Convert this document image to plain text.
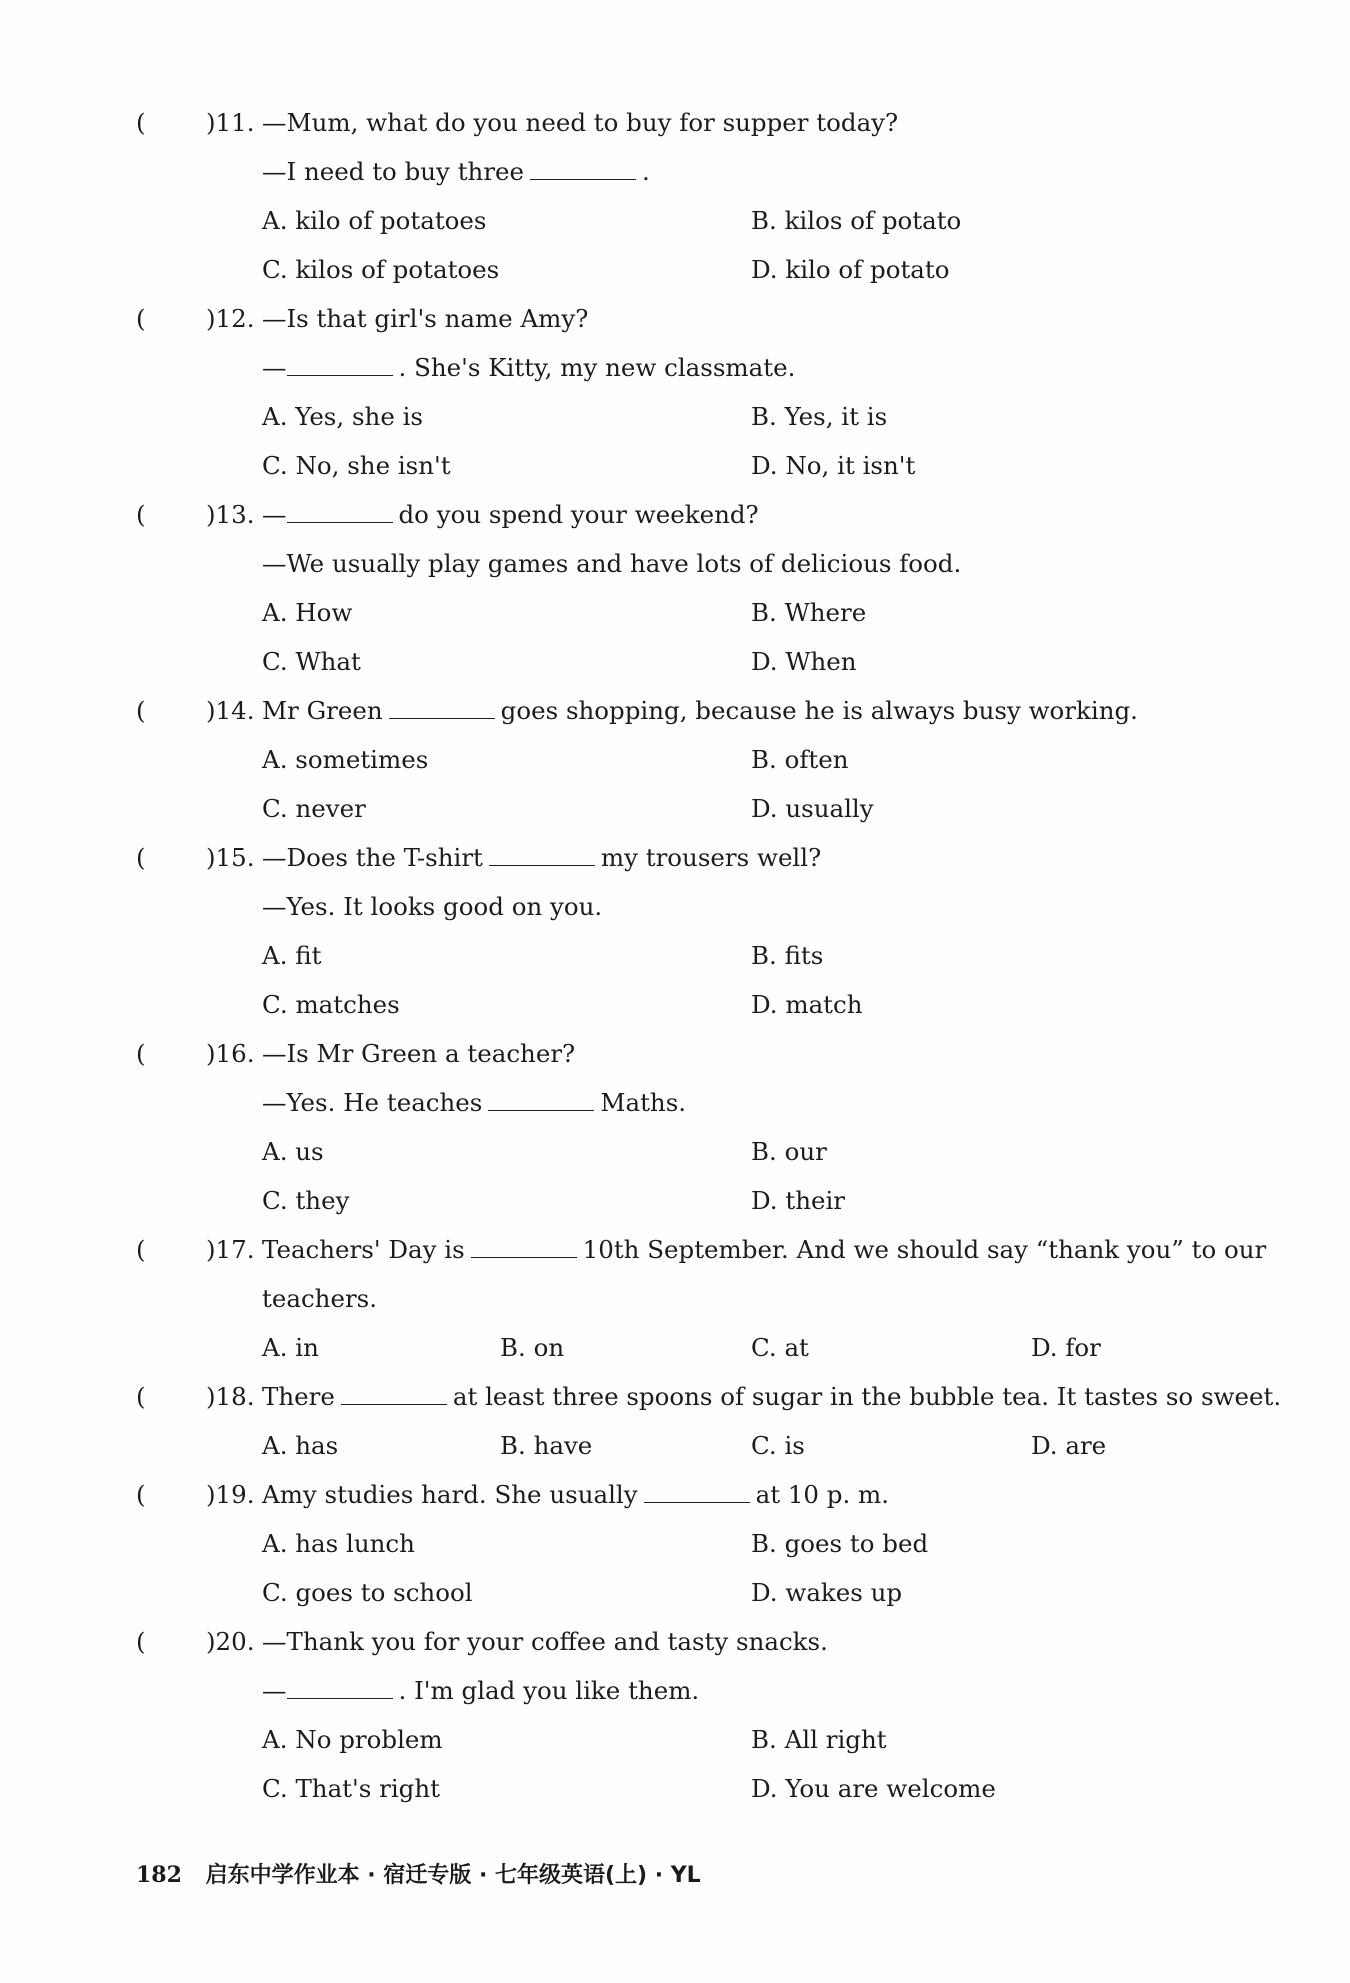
( )11. —Mum, what do you need to buy for supper today?
—I need to buy three	.
A. kilo of potatoes	B. kilos of potato
C. kilos of potatoes	D. kilo of potato
( )12. —Is that girl's name Amy?
—	. She's Kitty, my new classmate.
A. Yes, she is	B. Yes, it is
C. No, she isn't	D. No, it isn't
( )13. —	do you spend your weekend?
—We usually play games and have lots of delicious food.
A. How	B. Where
C. What	D. When
( )14. Mr Green	goes shopping, because he is always busy working.
A. sometimes	B. often
C. never	D. usually
( )15. —Does the T-shirt	my trousers well?
—Yes. It looks good on you.
A. fit	B. fits
C. matches	D. match
( )16. —Is Mr Green a teacher?
—Yes. He teaches	Maths.
A. us	B. our
C. they	D. their
( )17. Teachers' Day is	10th September. And we should say “thank you” to our
teachers.
A. in	B. on	C. at	D. for
( )18. There	at least three spoons of sugar in the bubble tea. It tastes so sweet.
A. has	B. have	C. is	D. are
( )19. Amy studies hard. She usually	at 10 p. m.
A. has lunch	B. goes to bed
C. goes to school	D. wakes up
( )20. —Thank you for your coffee and tasty snacks.
—	. I'm glad you like them.
A. No problem	B. All right
C. That's right	D. You are welcome
182 启东中学作业本 · 宿迁专版 · 七年级英语(上) · YL
